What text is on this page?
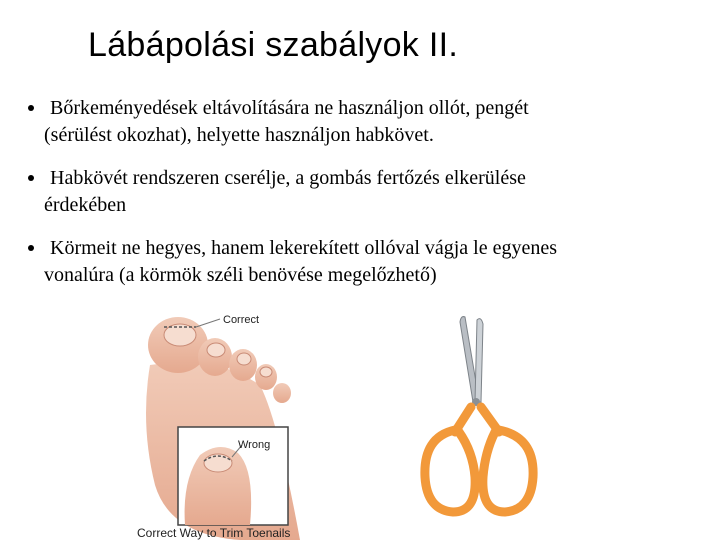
Lábápolási szabályok II.
Bőrkeményedések eltávolítására ne használjon ollót, pengét
(sérülést okozhat), helyette használjon habkövet.
Habkövét rendszeren cserélje, a gombás fertőzés elkerülése
érdekében
Körmeit ne hegyes, hanem lekerekített ollóval vágja le egyenes
vonalúra (a körmök széli benövése megelőzhető)
Correct
Wrong
Correct Way to Trim Toenails
